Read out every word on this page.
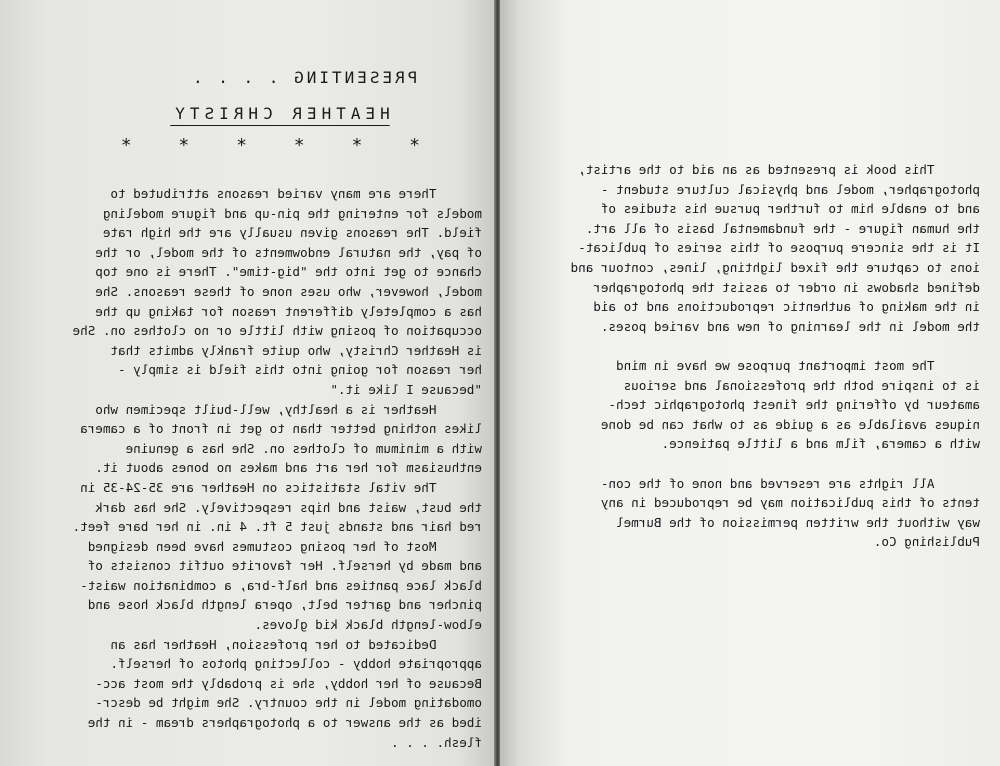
PRESENTING . . . .
HEATHER CHRISTY
* * * * * *
There are many varied reasons attributed to
models for entering the pin-up and figure modeling
field. The reasons given usually are the high rate
of pay, the natural endowments of the model, or the
chance to get into the "big-time". There is one top
model, however, who uses none of these reasons. She
has a completely different reason for taking up the
occupation of posing with little or no clothes on. She
is Heather Christy, who quite frankly admits that
her reason for going into this field is simply -
"because I like it."
Heather is a healthy, well-built specimen who
likes nothing better than to get in front of a camera
with a minimum of clothes on. She has a genuine
enthusiasm for her art and makes no bones about it.
The vital statistics on Heather are 35-24-35 in
the bust, waist and hips respectively. She has dark
red hair and stands just 5 ft. 4 in. in her bare feet.
Most of her posing costumes have been designed
and made by herself. Her favorite outfit consists of
black lace panties and half-bra, a combination waist-
pincher and garter belt, opera length black hose and
elbow-length black kid gloves.
Dedicated to her profession, Heather has an
appropriate hobby - collecting photos of herself.
Because of her hobby, she is probably the most acc-
omodating model in the country. She might be descr-
ibed as the answer to a photographers dream - in the
flesh. . . .

This book is presented as an aid to the artist,
photographer, model and physical culture student -
and to enable him to further pursue his studies of
the human figure - the fundamental basis of all art.
It is the sincere purpose of this series of publicat-
ions to capture the fixed lighting, lines, contour and
defined shadows in order to assist the photographer
in the making of authentic reproductions and to aid
the model in the learning of new and varied poses.

The most important purpose we have in mind
is to inspire both the professional and serious
amateur by offering the finest photographic tech-
niques available as a guide as to what can be done
with a camera, film and a little patience.

All rights are reserved and none of the con-
tents of this publication may be reproduced in any
way without the written permission of the Burmel
Publishing Co.
